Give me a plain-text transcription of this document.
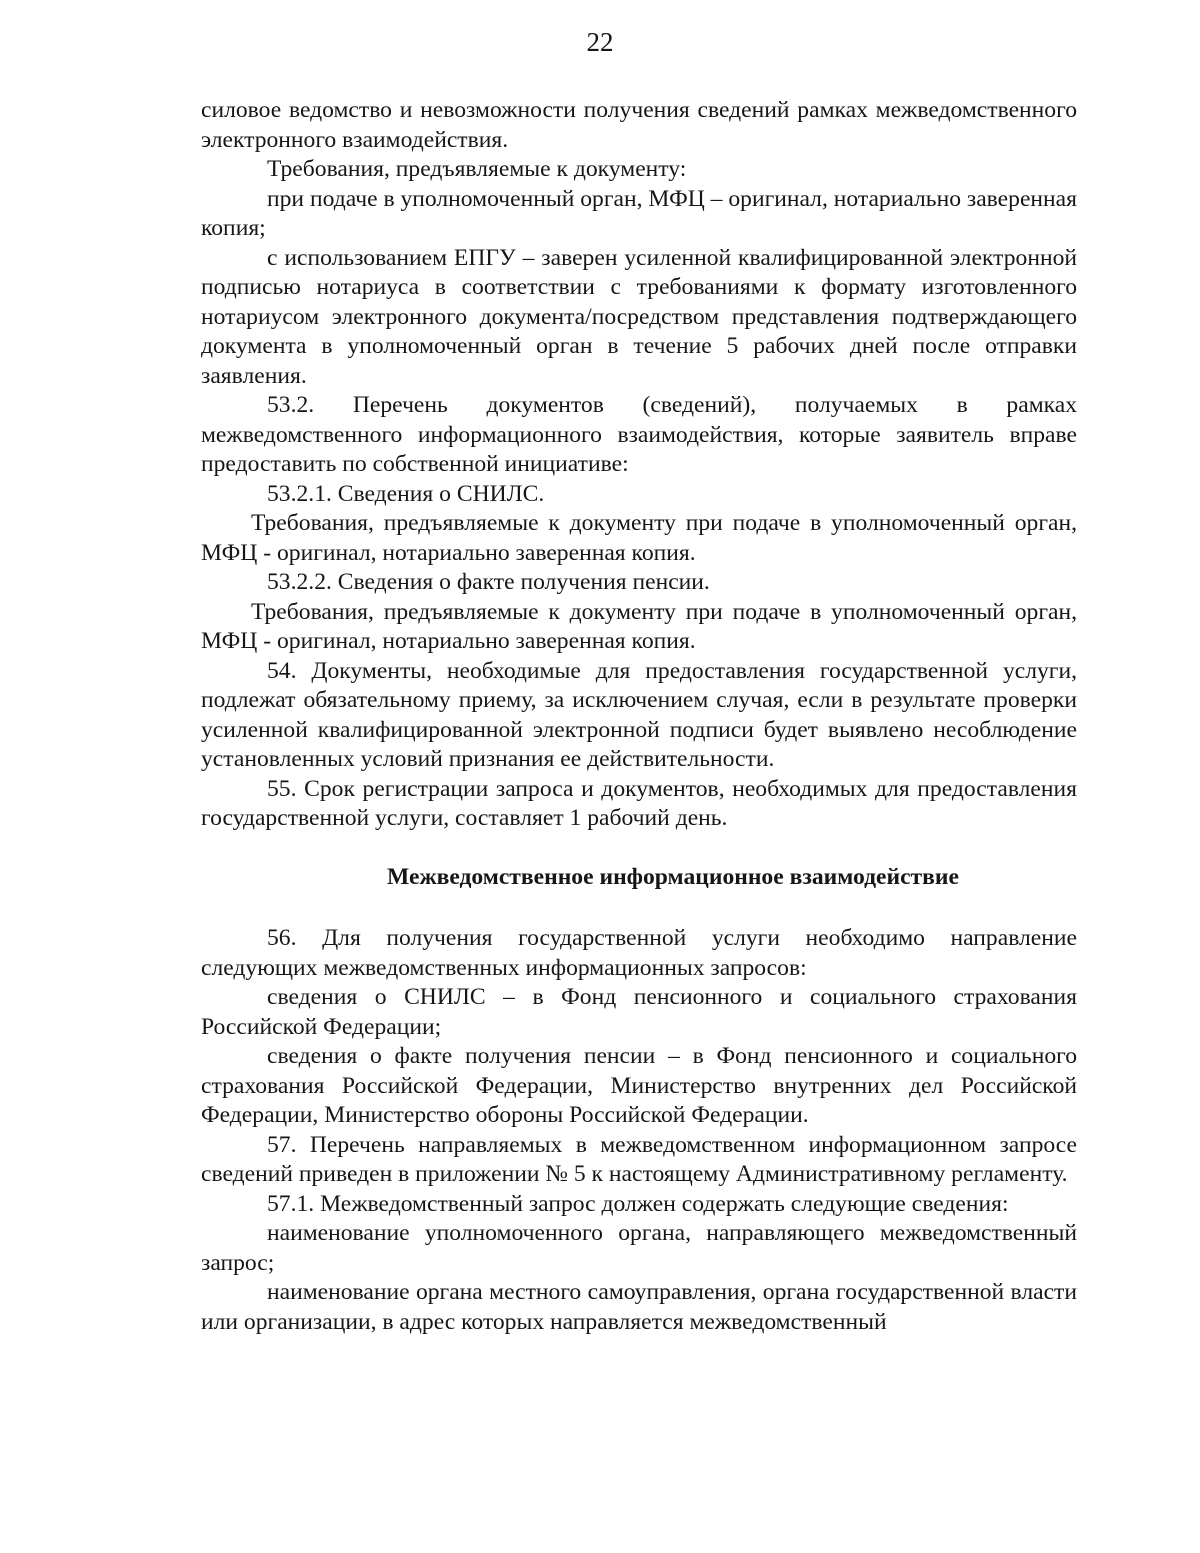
22

силовое ведомство и невозможности получения сведений рамках межведомственного электронного взаимодействия.

Требования, предъявляемые к документу:

при подаче в уполномоченный орган, МФЦ – оригинал, нотариально заверенная копия;

с использованием ЕПГУ – заверен усиленной квалифицированной электронной подписью нотариуса в соответствии с требованиями к формату изготовленного нотариусом электронного документа/посредством представления подтверждающего документа в уполномоченный орган в течение 5 рабочих дней после отправки заявления.

53.2. Перечень документов (сведений), получаемых в рамках межведомственного информационного взаимодействия, которые заявитель вправе предоставить по собственной инициативе:

53.2.1. Сведения о СНИЛС.

Требования, предъявляемые к документу при подаче в уполномоченный орган, МФЦ - оригинал, нотариально заверенная копия.

53.2.2. Сведения о факте получения пенсии.

Требования, предъявляемые к документу при подаче в уполномоченный орган, МФЦ - оригинал, нотариально заверенная копия.

54. Документы, необходимые для предоставления государственной услуги, подлежат обязательному приему, за исключением случая, если в результате проверки усиленной квалифицированной электронной подписи будет выявлено несоблюдение установленных условий признания ее действительности.

55. Срок регистрации запроса и документов, необходимых для предоставления государственной услуги, составляет 1 рабочий день.

Межведомственное информационное взаимодействие

56. Для получения государственной услуги необходимо направление следующих межведомственных информационных запросов:

сведения о СНИЛС – в Фонд пенсионного и социального страхования Российской Федерации;

сведения о факте получения пенсии – в Фонд пенсионного и социального страхования Российской Федерации, Министерство внутренних дел Российской Федерации, Министерство обороны Российской Федерации.

57. Перечень направляемых в межведомственном информационном запросе сведений приведен в приложении № 5 к настоящему Административному регламенту.

57.1. Межведомственный запрос должен содержать следующие сведения:

наименование уполномоченного органа, направляющего межведомственный запрос;

наименование органа местного самоуправления, органа государственной власти или организации, в адрес которых направляется межведомственный
